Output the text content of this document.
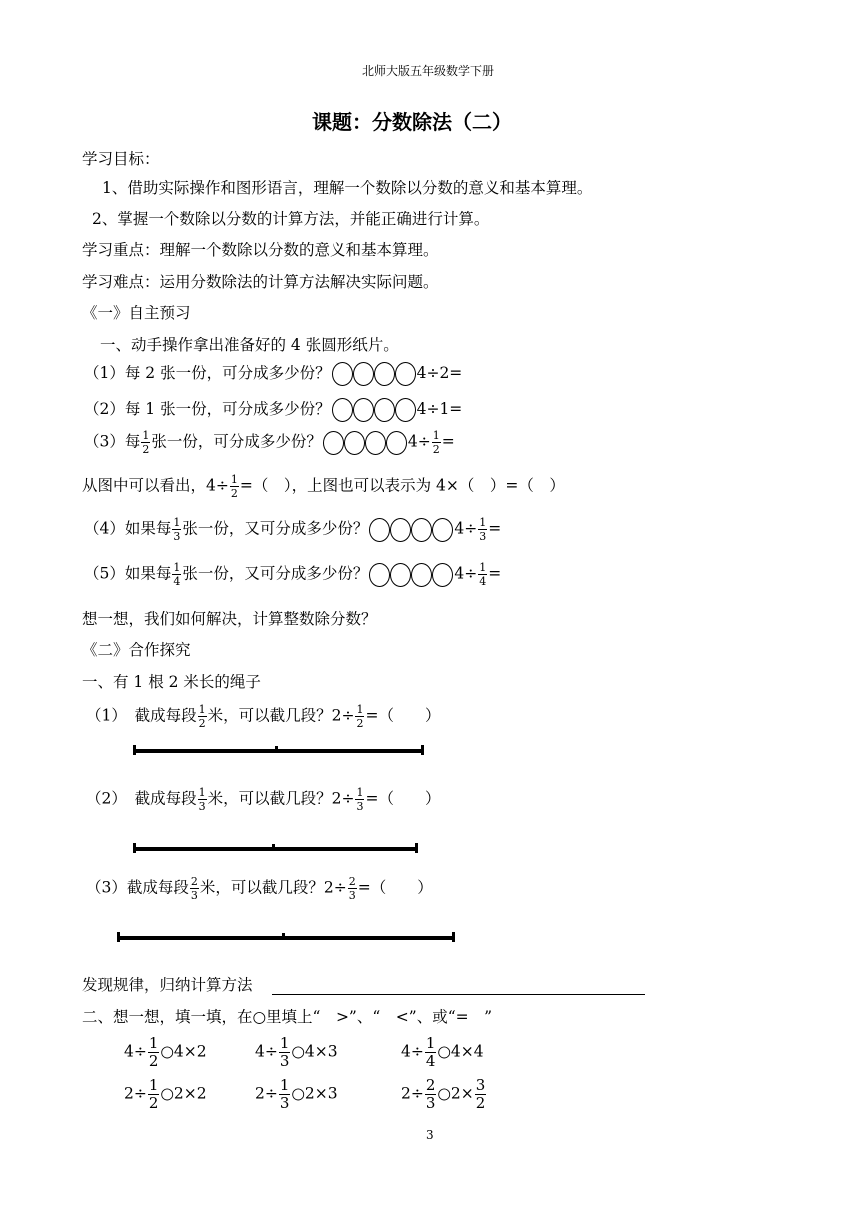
北师大版五年级数学下册
课题：分数除法（二）
学习目标：
1、借助实际操作和图形语言，理解一个数除以分数的意义和基本算理。
2、掌握一个数除以分数的计算方法，并能正确进行计算。
学习重点：理解一个数除以分数的意义和基本算理。
学习难点：运用分数除法的计算方法解决实际问题。
《一》自主预习
一、动手操作拿出准备好的 4 张圆形纸片。
（1）每 2 张一份，可分成多少份？	4÷2=
（2）每 1 张一份，可分成多少份？	4÷1=
（3）每 $\frac{1}{2}$ 张一份，可分成多少份？	$4\div \frac{1}{2}$ =
从图中可以看出，$4\div \frac{1}{2}$ =（　），上图也可以表示为 4×（　）=（　）
（4）如果每 $\frac{1}{3}$ 张一份，又可分成多少份？	$4\div \frac{1}{3}$ =
（5）如果每 $\frac{1}{4}$ 张一份，又可分成多少份？	$4\div \frac{1}{4}$ =
想一想，我们如何解决，计算整数除分数？
《二》合作探究
一、有 1 根 2 米长的绳子
（1）　截成每段 $\frac{1}{2}$ 米，可以截几段？$2\div \frac{1}{2}$ =（　　）
（2）　截成每段 $\frac{1}{3}$ 米，可以截几段？$2\div \frac{1}{3}$ =（　　）
（3）截成每段 $\frac{2}{3}$ 米，可以截几段？$2\div \frac{2}{3}$ =（　　）
发现规律，归纳计算方法
二、想一想，填一填，在○里填上“　>”、“　<”、或“=　”
$4\div \frac{1}{2}$ ○4×2	$4\div \frac{1}{3}$ ○4×3	$4\div \frac{1}{4}$ ○4×4
$2\div \frac{1}{2}$ ○2×2	$2\div \frac{1}{3}$ ○2×3	$2\div \frac{2}{3}$ ○2× $\frac{3}{2}$
3
